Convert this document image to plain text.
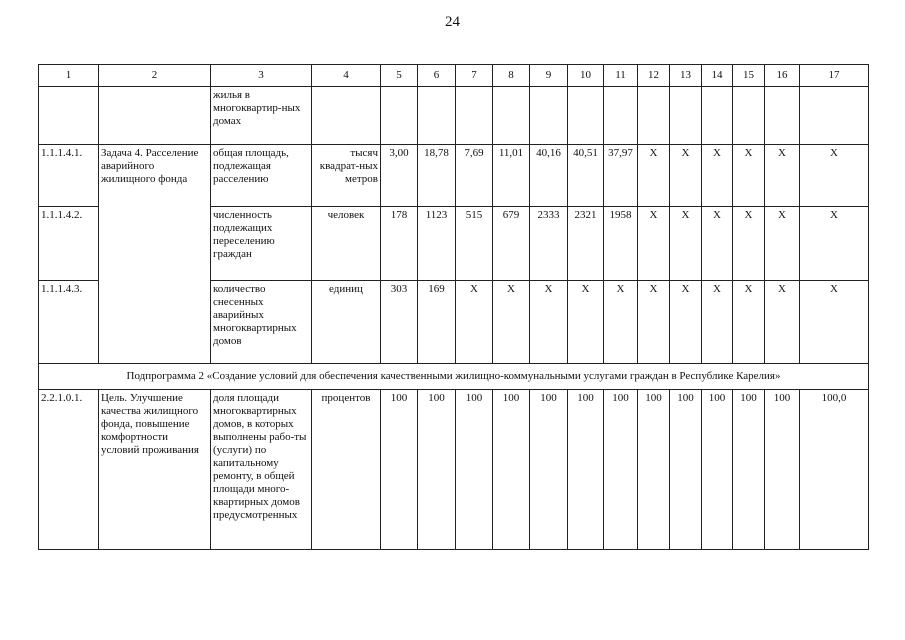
24
1	2	3	4	5	6	7	8	9	10	11	12	13	14	15	16	17
		жилья в многоквартир-ных домах														
1.1.1.4.1.	Задача 4. Расселение аварийного жилищного фонда	общая площадь, подлежащая расселению	тысяч квадрат-ных метров	3,00	18,78	7,69	11,01	40,16	40,51	37,97	X	X	X	X	X	X
1.1.1.4.2.		численность подлежащих переселению граждан	человек	178	1123	515	679	2333	2321	1958	X	X	X	X	X	X
1.1.1.4.3.		количество снесенных аварийных многоквартирных домов	единиц	303	169	X	X	X	X	X	X	X	X	X	X	X
Подпрограмма 2 «Создание условий для обеспечения качественными жилищно-коммунальными услугами граждан в Республике Карелия»																
2.2.1.0.1.	Цель. Улучшение качества жилищного фонда, повышение комфортности условий проживания	доля площади многоквартирных домов, в которых выполнены рабо-ты (услуги) по капитальному ремонту, в общей площади много-квартирных домов предусмотренных	процентов	100	100	100	100	100	100	100	100	100	100	100	100	100,0
